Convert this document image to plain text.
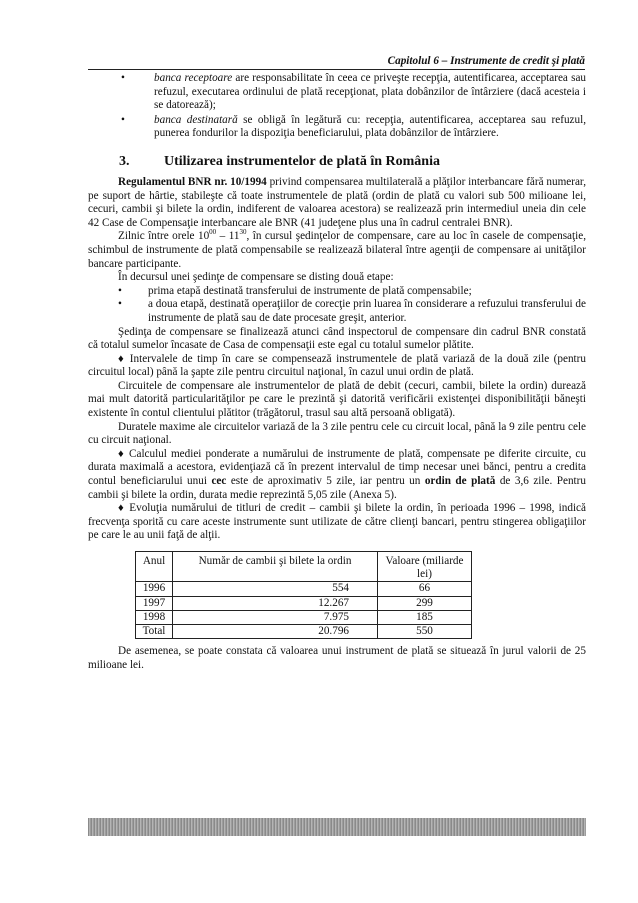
Capitolul 6 – Instrumente de credit şi plată
•	banca receptoare are responsabilitate în ceea ce priveşte recepţia, autentificarea, acceptarea sau refuzul, executarea ordinului de plată recepţionat, plata dobânzilor de întârziere (dacă acesteia i se datorează);
•	banca destinatară se obligă în legătură cu: recepţia, autentificarea, acceptarea sau refuzul, punerea fondurilor la dispoziţia beneficiarului, plata dobânzilor de întârziere.
3. Utilizarea instrumentelor de plată în România

Regulamentul BNR nr. 10/1994 privind compensarea multilaterală a plăţilor interbancare fără numerar, pe suport de hârtie, stabileşte că toate instrumentele de plată (ordin de plată cu valori sub 500 milioane lei, cecuri, cambii şi bilete la ordin, indiferent de valoarea acestora) se realizează prin intermediul uneia din cele 42 Case de Compensaţie interbancare ale BNR (41 judeţene plus una în cadrul centralei BNR).

Zilnic între orele $10^{00} - 11^{30}$, în cursul şedinţelor de compensare, care au loc în casele de compensaţie, schimbul de instrumente de plată compensabile se realizează bilateral între agenţii de compensare ai unităţilor bancare participante.

În decursul unei şedinţe de compensare se disting două etape:

• prima etapă destinată transferului de instrumente de plată compensabile;
• a doua etapă, destinată operaţiilor de corecţie prin luarea în considerare a refuzului transferului de instrumente de plată sau de date procesate greşit, anterior.

Şedinţa de compensare se finalizează atunci când inspectorul de compensare din cadrul BNR constată că totalul sumelor încasate de Casa de compensaţii este egal cu totalul sumelor plătite.

♦ Intervalele de timp în care se compensează instrumentele de plată variază de la două zile (pentru circuitul local) până la şapte zile pentru circuitul naţional, în cazul unui ordin de plată.

Circuitele de compensare ale instrumentelor de plată de debit (cecuri, cambii, bilete la ordin) durează mai mult datorită particularităţilor pe care le prezintă şi datorită verificării existenţei disponibilităţii băneşti existente în contul clientului plătitor (trăgătorul, trasul sau altă persoană obligată).

Duratele maxime ale circuitelor variază de la 3 zile pentru cele cu circuit local, până la 9 zile pentru cele cu circuit naţional.

♦ Calculul mediei ponderate a numărului de instrumente de plată, compensate pe diferite circuite, cu durata maximală a acestora, evidenţiază că în prezent intervalul de timp necesar unei bănci, pentru a credita contul beneficiarului unui cec este de aproximativ 5 zile, iar pentru un ordin de plată de 3,6 zile. Pentru cambii şi bilete la ordin, durata medie reprezintă 5,05 zile (Anexa 5).

♦ Evoluţia numărului de titluri de credit – cambii şi bilete la ordin, în perioada 1996 – 1998, indică frecvenţa sporită cu care aceste instrumente sunt utilizate de către clienţi bancari, pentru stingerea obligaţiilor pe care le au unii faţă de alţii.

Anul	Număr de cambii şi bilete la ordin	Valoare (miliarde lei)
1996	554	66
1997	12.267	299
1998	7.975	185
Total	20.796	550

De asemenea, se poate constata că valoarea unui instrument de plată se situează în jurul valorii de 25 milioane lei.
